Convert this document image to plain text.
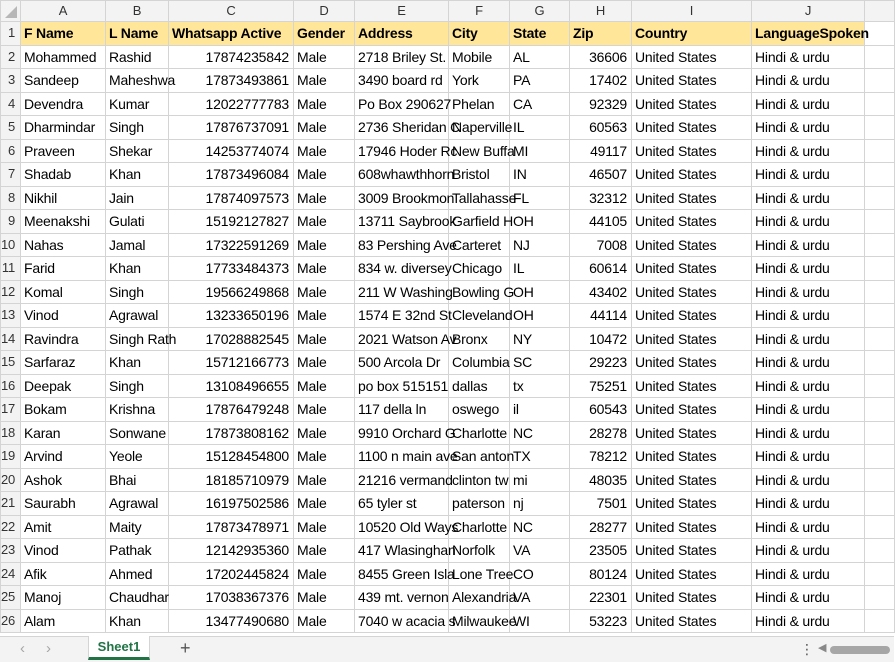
	A	B	C	D	E	F	G	H	I	J	
1	F Name	L Name	Whatsapp Active	Gender	Address	City	State	Zip	Country	LanguageSpoken	
2	Mohammed	Rashid	17874235842	Male	2718 Briley St.	Mobile	AL	36606	United States	Hindi & urdu	
3	Sandeep	Maheshwa	17873493861	Male	3490 board rd	York	PA	17402	United States	Hindi & urdu	
4	Devendra	Kumar	12022777783	Male	Po Box 290627	Phelan	CA	92329	United States	Hindi & urdu	
5	Dharmindar	Singh	17876737091	Male	2736 Sheridan C	Naperville	IL	60563	United States	Hindi & urdu	
6	Praveen	Shekar	14253774074	Male	17946 Hoder Rc	New Buffa	MI	49117	United States	Hindi & urdu	
7	Shadab	Khan	17873496084	Male	608whawthhorn	Bristol	IN	46507	United States	Hindi & urdu	
8	Nikhil	Jain	17874097573	Male	3009 Brookmon	Tallahasse	FL	32312	United States	Hindi & urdu	
9	Meenakshi	Gulati	15192127827	Male	13711 Saybrook	Garfield H	OH	44105	United States	Hindi & urdu	
10	Nahas	Jamal	17322591269	Male	83 Pershing Ave	Carteret	NJ	7008	United States	Hindi & urdu	
11	Farid	Khan	17733484373	Male	834 w. diversey	Chicago	IL	60614	United States	Hindi & urdu	
12	Komal	Singh	19566249868	Male	211 W Washing	Bowling G	OH	43402	United States	Hindi & urdu	
13	Vinod	Agrawal	13233650196	Male	1574 E 32nd St	Cleveland	OH	44114	United States	Hindi & urdu	
14	Ravindra	Singh Rath	17028882545	Male	2021 Watson Av	Bronx	NY	10472	United States	Hindi & urdu	
15	Sarfaraz	Khan	15712166773	Male	500 Arcola Dr	Columbia	SC	29223	United States	Hindi & urdu	
16	Deepak	Singh	13108496655	Male	po box 515151	dallas	tx	75251	United States	Hindi & urdu	
17	Bokam	Krishna	17876479248	Male	117 della ln	oswego	il	60543	United States	Hindi & urdu	
18	Karan	Sonwane	17873808162	Male	9910 Orchard G	Charlotte	NC	28278	United States	Hindi & urdu	
19	Arvind	Yeole	15128454800	Male	1100 n main ave	San anton	TX	78212	United States	Hindi & urdu	
20	Ashok	Bhai	18185710979	Male	21216 vermand	clinton tw	mi	48035	United States	Hindi & urdu	
21	Saurabh	Agrawal	16197502586	Male	65 tyler st	paterson	nj	7501	United States	Hindi & urdu	
22	Amit	Maity	17873478971	Male	10520 Old Ways	Charlotte	NC	28277	United States	Hindi & urdu	
23	Vinod	Pathak	12142935360	Male	417 Wlasinghan	Norfolk	VA	23505	United States	Hindi & urdu	
24	Afik	Ahmed	17202445824	Male	8455 Green Isla	Lone Tree	CO	80124	United States	Hindi & urdu	
25	Manoj	Chaudhar	17038367376	Male	439 mt. vernon	Alexandria	VA	22301	United States	Hindi & urdu	
26	Alam	Khan	13477490680	Male	7040 w acacia s	Milwaukee	WI	53223	United States	Hindi & urdu	
‹ ›	Sheet1	+	⋮ ◀
